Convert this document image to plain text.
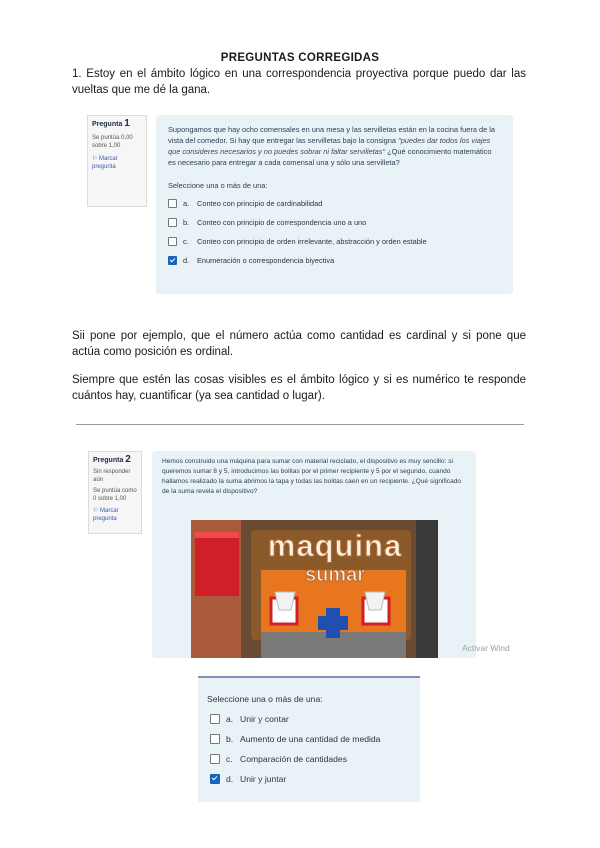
PREGUNTAS CORREGIDAS
1. Estoy en el ámbito lógico en una correspondencia proyectiva porque puedo dar las vueltas que me dé la gana.
Pregunta 1
Se puntúa 0,00
sobre 1,00
⚐ Marcar pregunta

Supongamos que hay ocho comensales en una mesa y las servilletas están en la cocina fuera de la vista del comedor. Si hay que entregar las servilletas bajo la consigna "puedes dar todos los viajes que consideres necesarios y no puedes sobrar ni faltar servilletas" ¿Qué conocimiento matemático es necesario para entregar a cada comensal una y sólo una servilleta?

Seleccione una o más de una:

a.	Conteo con principio de cardinabilidad
b.	Conteo con principio de correspondencia uno a uno
c.	Conteo con principio de orden irrelevante, abstracción y orden estable
d.	Enumeración o correspondencia biyectiva
Sii pone por ejemplo, que el número actúa como cantidad es cardinal y si pone que actúa como posición es ordinal.
Siempre que estén las cosas visibles es el ámbito lógico y si es numérico te responde cuántos hay, cuantificar (ya sea cantidad o lugar).
Pregunta 2
Sin responder aún
Se puntúa como 0 sobre 1,00
⚐ Marcar pregunta

Hemos construido una máquina para sumar con material reciclado, el dispositivo es muy sencillo: si queremos sumar 8 y 5, introducimos las bolitas por el primer recipiente y 5 por el segundo, cuando hallamos realizado la suma abrimos la tapa y todas las bolitas caen en un recipiente. ¿Qué significado de la suma revela el dispositivo?

maquina
sumar
Activar Wind
Seleccione una o más de una:
a. Unir y contar
b. Aumento de una cantidad de medida
c. Comparación de cantidades
d. Unir y juntar
